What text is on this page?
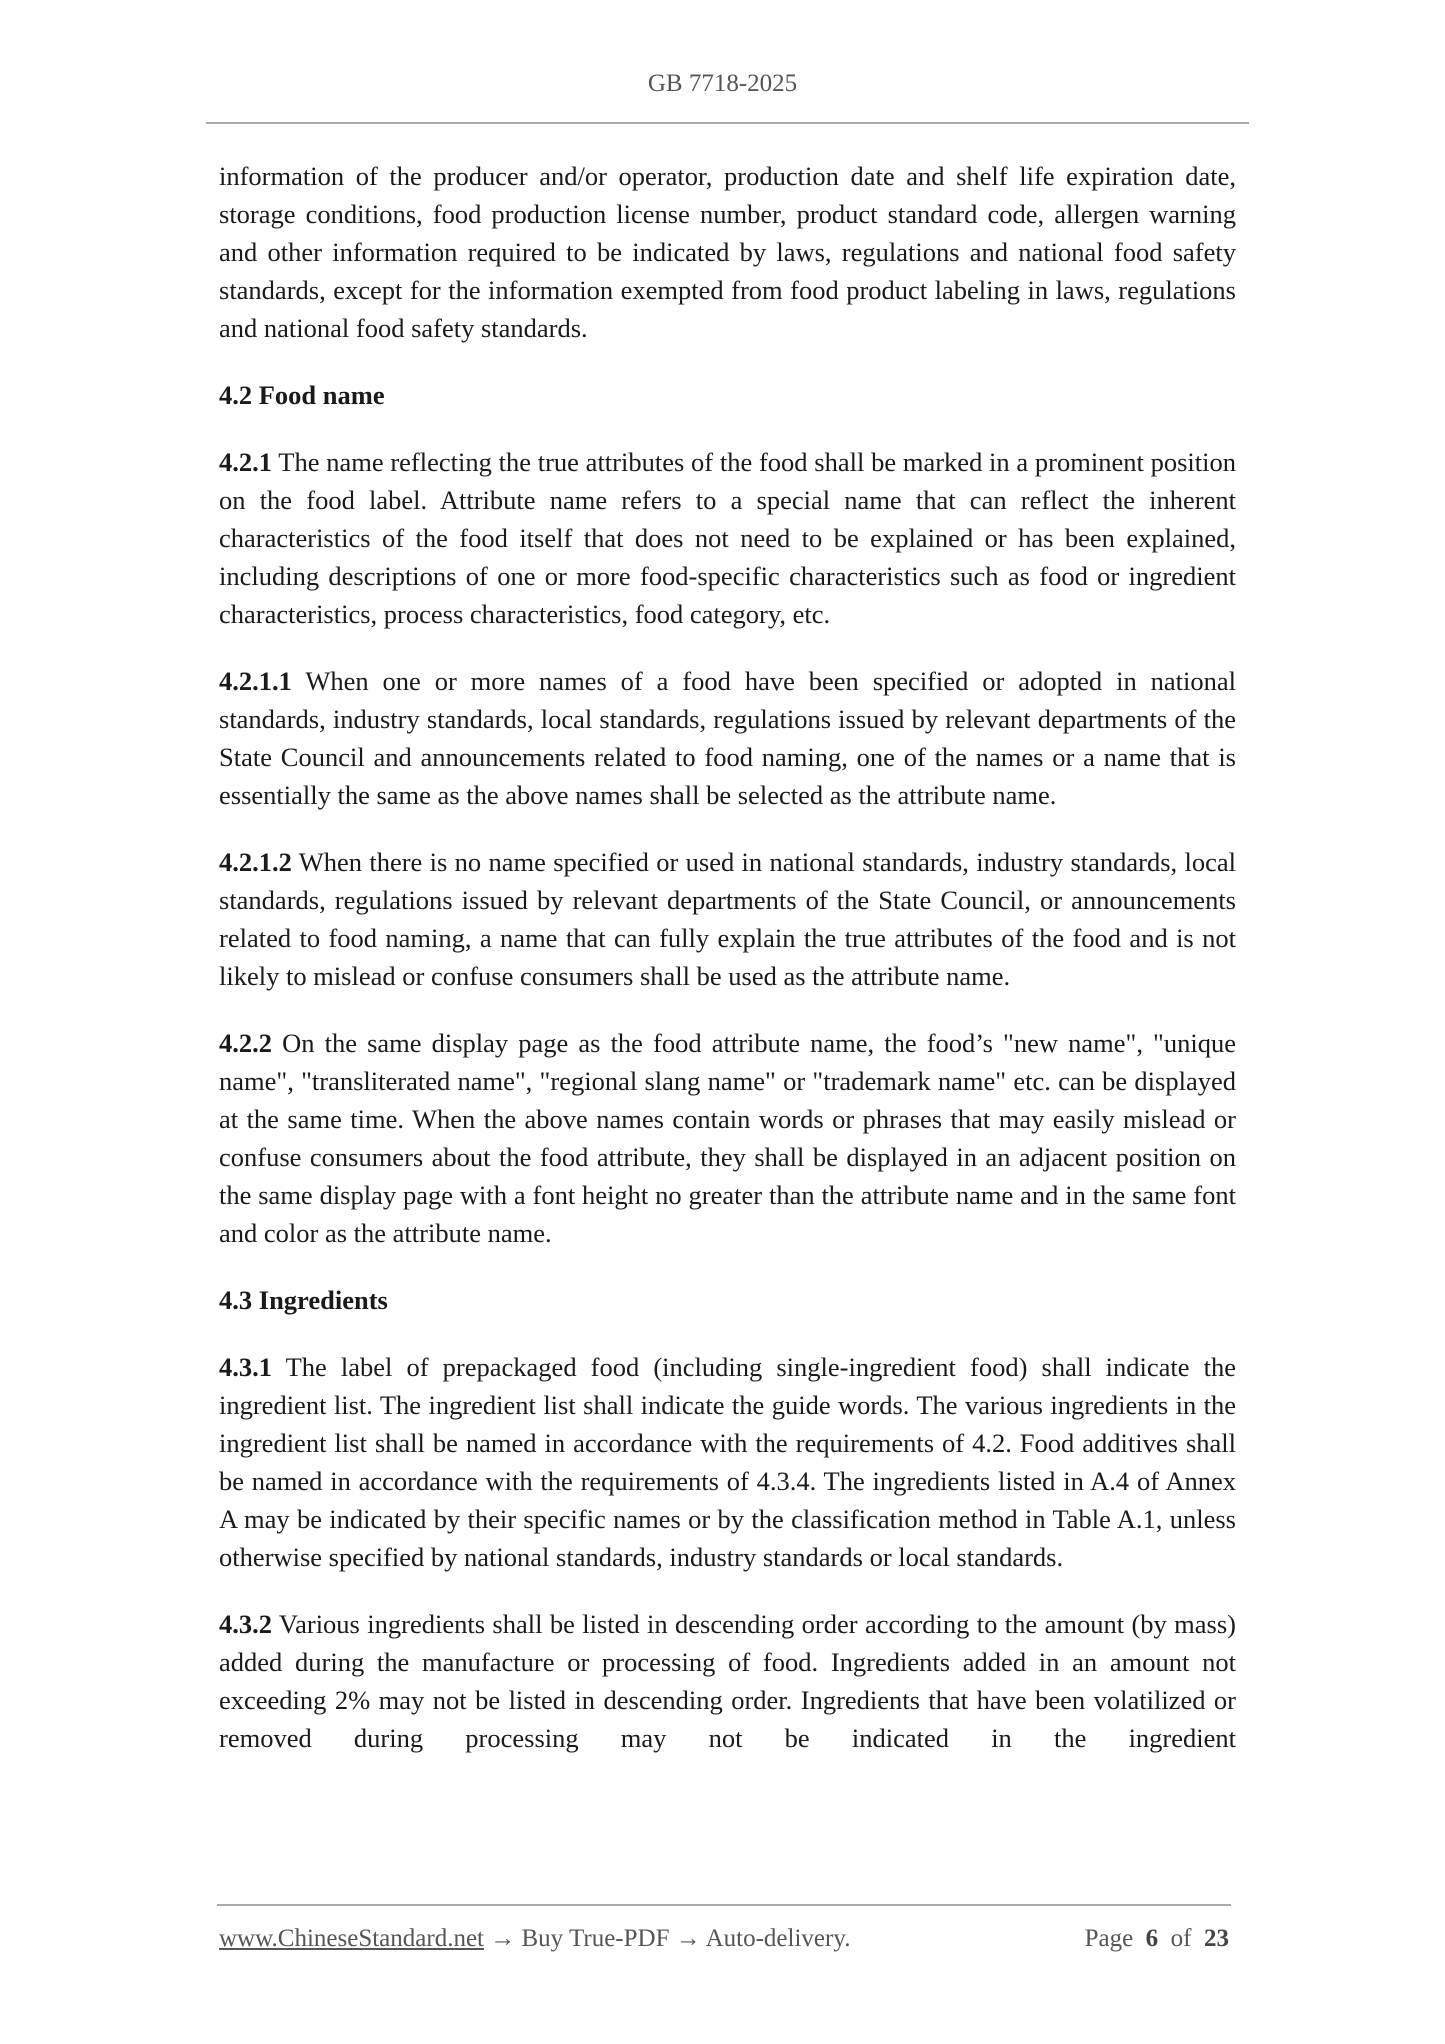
GB 7718-2025

information of the producer and/or operator, production date and shelf life expiration date, storage conditions, food production license number, product standard code, allergen warning and other information required to be indicated by laws, regulations and national food safety standards, except for the information exempted from food product labeling in laws, regulations and national food safety standards.

4.2 Food name

4.2.1 The name reflecting the true attributes of the food shall be marked in a prominent position on the food label. Attribute name refers to a special name that can reflect the inherent characteristics of the food itself that does not need to be explained or has been explained, including descriptions of one or more food-specific characteristics such as food or ingredient characteristics, process characteristics, food category, etc.

4.2.1.1 When one or more names of a food have been specified or adopted in national standards, industry standards, local standards, regulations issued by relevant departments of the State Council and announcements related to food naming, one of the names or a name that is essentially the same as the above names shall be selected as the attribute name.

4.2.1.2 When there is no name specified or used in national standards, industry standards, local standards, regulations issued by relevant departments of the State Council, or announcements related to food naming, a name that can fully explain the true attributes of the food and is not likely to mislead or confuse consumers shall be used as the attribute name.

4.2.2 On the same display page as the food attribute name, the food’s "new name", "unique name", "transliterated name", "regional slang name" or "trademark name" etc. can be displayed at the same time. When the above names contain words or phrases that may easily mislead or confuse consumers about the food attribute, they shall be displayed in an adjacent position on the same display page with a font height no greater than the attribute name and in the same font and color as the attribute name.

4.3 Ingredients

4.3.1 The label of prepackaged food (including single-ingredient food) shall indicate the ingredient list. The ingredient list shall indicate the guide words. The various ingredients in the ingredient list shall be named in accordance with the requirements of 4.2. Food additives shall be named in accordance with the requirements of 4.3.4. The ingredients listed in A.4 of Annex A may be indicated by their specific names or by the classification method in Table A.1, unless otherwise specified by national standards, industry standards or local standards.

4.3.2 Various ingredients shall be listed in descending order according to the amount (by mass) added during the manufacture or processing of food. Ingredients added in an amount not exceeding 2% may not be listed in descending order. Ingredients that have been volatilized or removed during processing may not be indicated in the ingredient

www.ChineseStandard.net → Buy True-PDF → Auto-delivery.	Page 6 of 23
